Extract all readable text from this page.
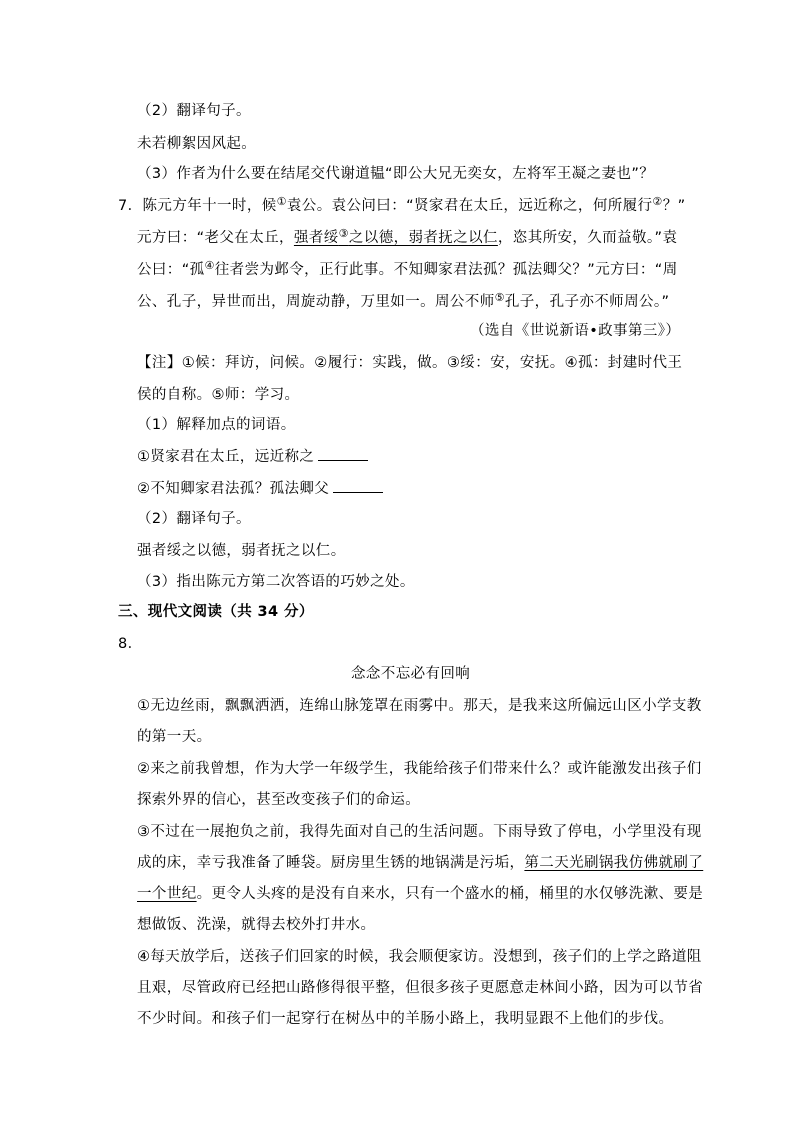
（2）翻译句子。
未若柳絮因风起。
（3）作者为什么要在结尾交代谢道韫“即公大兄无奕女，左将军王凝之妻也”？
7．陈元方年十一时，候①袁公。袁公问曰：“贤家君在太丘，远近称之，何所履行②？”
元方曰：“老父在太丘，强者绥③之以德，弱者抚之以仁，恣其所安，久而益敬。”袁
公曰：“孤④往者尝为邺令，正行此事。不知卿家君法孤？孤法卿父？”元方曰：“周
公、孔子，异世而出，周旋动静，万里如一。周公不师⑤孔子，孔子亦不师周公。”
（选自《世说新语•政事第三》）
【注】①候：拜访，问候。②履行：实践，做。③绥：安，安抚。④孤：封建时代王
侯的自称。⑤师：学习。
（1）解释加点的词语。
①贤家君在太丘，远近称之
②不知卿家君法孤？孤法卿父
（2）翻译句子。
强者绥之以德，弱者抚之以仁。
（3）指出陈元方第二次答语的巧妙之处。
三、现代文阅读（共 34 分）
8．
念念不忘必有回响
①无边丝雨，飘飘洒洒，连绵山脉笼罩在雨雾中。那天，是我来这所偏远山区小学支教
的第一天。
②来之前我曾想，作为大学一年级学生，我能给孩子们带来什么？或许能激发出孩子们
探索外界的信心，甚至改变孩子们的命运。
③不过在一展抱负之前，我得先面对自己的生活问题。下雨导致了停电，小学里没有现
成的床，幸亏我准备了睡袋。厨房里生锈的地锅满是污垢，第二天光刷锅我仿佛就刷了
一个世纪。更令人头疼的是没有自来水，只有一个盛水的桶，桶里的水仅够洗漱、要是
想做饭、洗澡，就得去校外打井水。
④每天放学后，送孩子们回家的时候，我会顺便家访。没想到，孩子们的上学之路道阻
且艰，尽管政府已经把山路修得很平整，但很多孩子更愿意走林间小路，因为可以节省
不少时间。和孩子们一起穿行在树丛中的羊肠小路上，我明显跟不上他们的步伐。
